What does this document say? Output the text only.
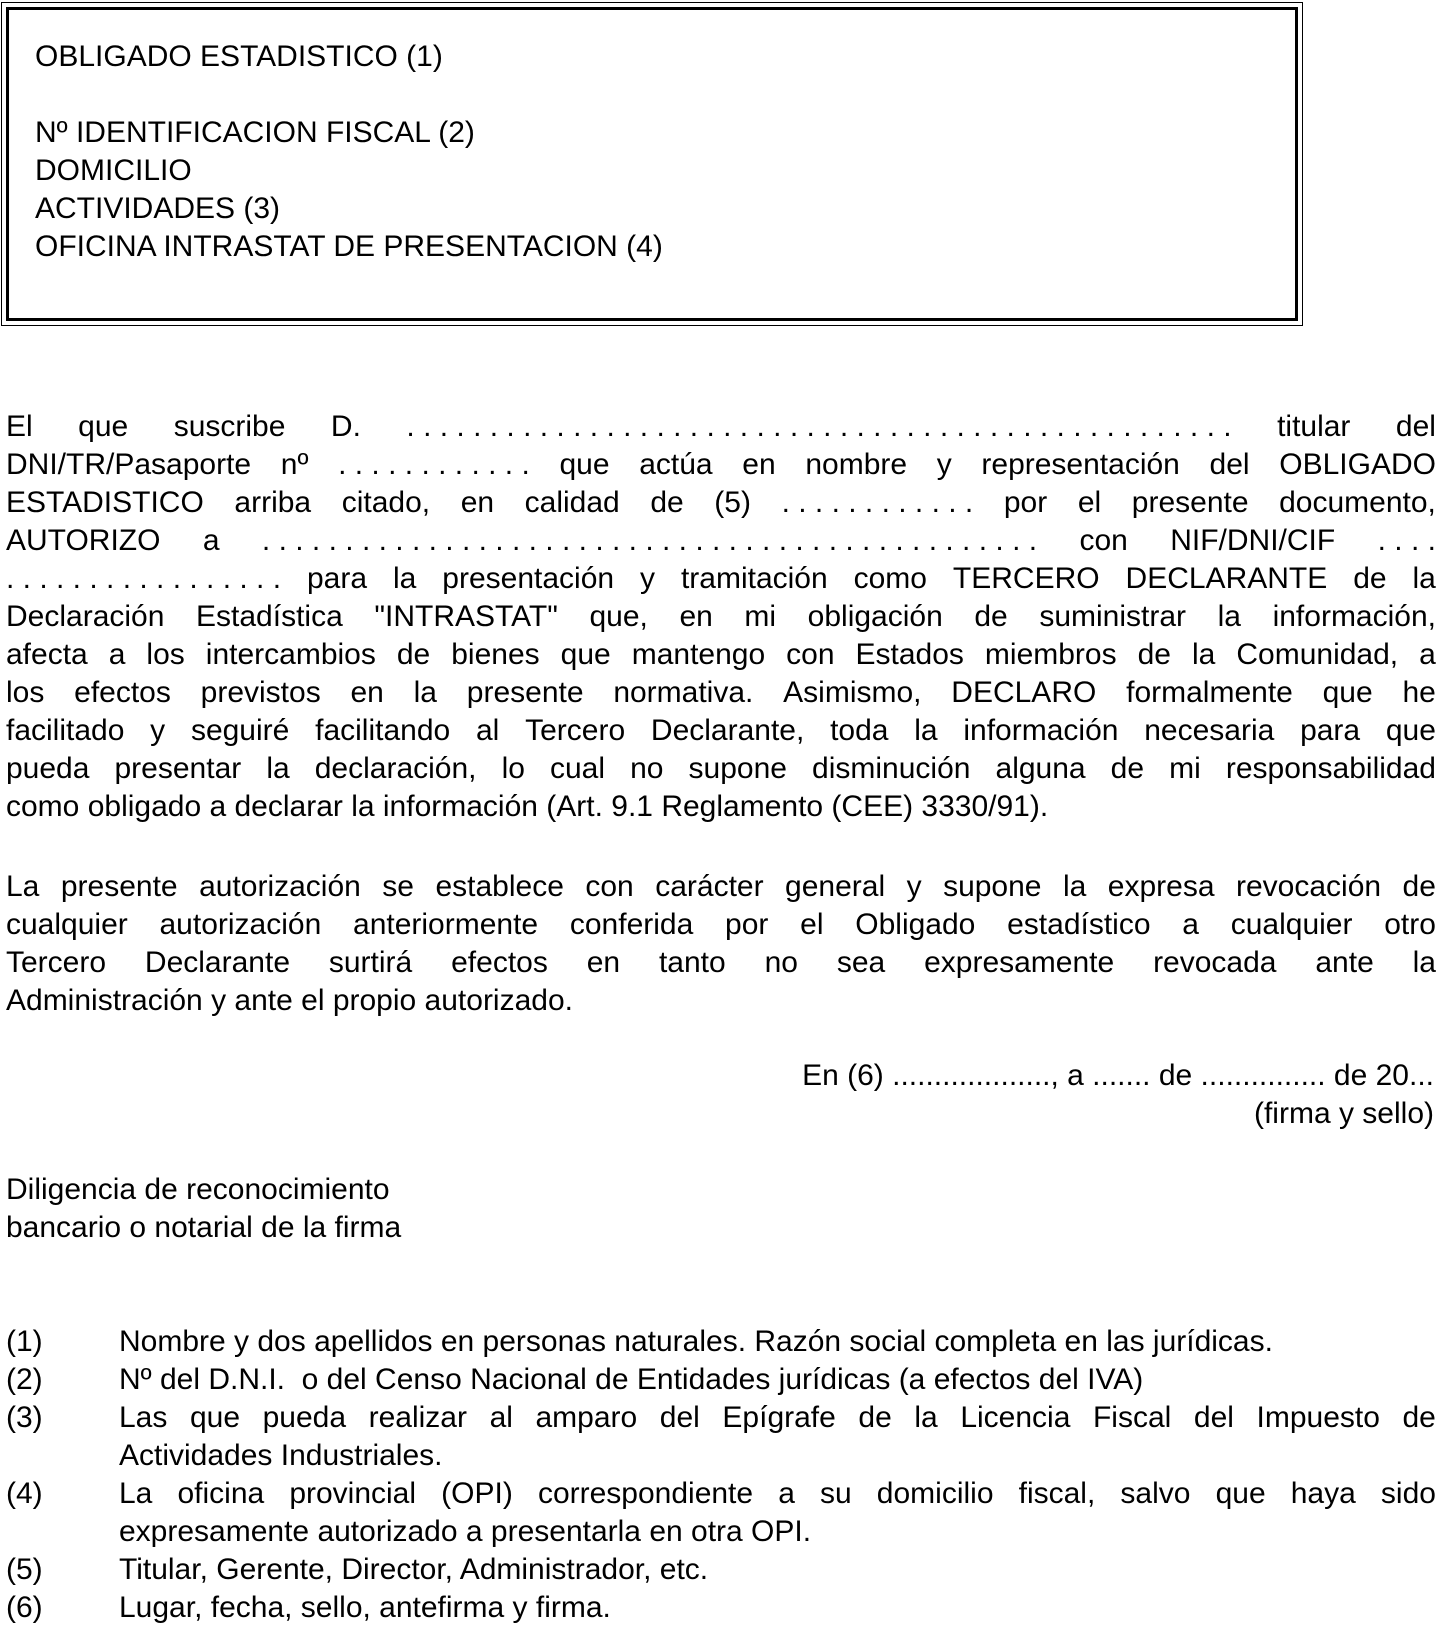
OBLIGADO ESTADISTICO (1)
Nº IDENTIFICACION FISCAL (2)
DOMICILIO
ACTIVIDADES (3)
OFICINA INTRASTAT DE PRESENTACION (4)
El que suscribe D. . . . . . . . . . . . . . . . . . . . . . . . . . . . . . . . . . . . . . . . . . . . . . . . . . . titular del
DNI/TR/Pasaporte nº . . . . . . . . . . . . que actúa en nombre y representación del OBLIGADO
ESTADISTICO arriba citado, en calidad de (5) . . . . . . . . . . . . por el presente documento,
AUTORIZO a . . . . . . . . . . . . . . . . . . . . . . . . . . . . . . . . . . . . . . . . . . . . . . . con NIF/DNI/CIF . . . .
. . . . . . . . . . . . . . . . . para la presentación y tramitación como TERCERO DECLARANTE de la
Declaración Estadística "INTRASTAT" que, en mi obligación de suministrar la información,
afecta a los intercambios de bienes que mantengo con Estados miembros de la Comunidad, a
los efectos previstos en la presente normativa. Asimismo, DECLARO formalmente que he
facilitado y seguiré facilitando al Tercero Declarante, toda la información necesaria para que
pueda presentar la declaración, lo cual no supone disminución alguna de mi responsabilidad
como obligado a declarar la información (Art. 9.1 Reglamento (CEE) 3330/91).
La presente autorización se establece con carácter general y supone la expresa revocación de
cualquier autorización anteriormente conferida por el Obligado estadístico a cualquier otro
Tercero Declarante surtirá efectos en tanto no sea expresamente revocada ante la
Administración y ante el propio autorizado.
En (6) ..................., a ....... de ............... de 20...
(firma y sello)
Diligencia de reconocimiento
bancario o notarial de la firma
(1)	Nombre y dos apellidos en personas naturales. Razón social completa en las jurídicas.
(2)	Nº del D.N.I.  o del Censo Nacional de Entidades jurídicas (a efectos del IVA)
(3)	Las que pueda realizar al amparo del Epígrafe de la Licencia Fiscal del Impuesto de
Actividades Industriales.
(4)	La oficina provincial (OPI) correspondiente a su domicilio fiscal, salvo que haya sido
expresamente autorizado a presentarla en otra OPI.
(5)	Titular, Gerente, Director, Administrador, etc.
(6)	Lugar, fecha, sello, antefirma y firma.
